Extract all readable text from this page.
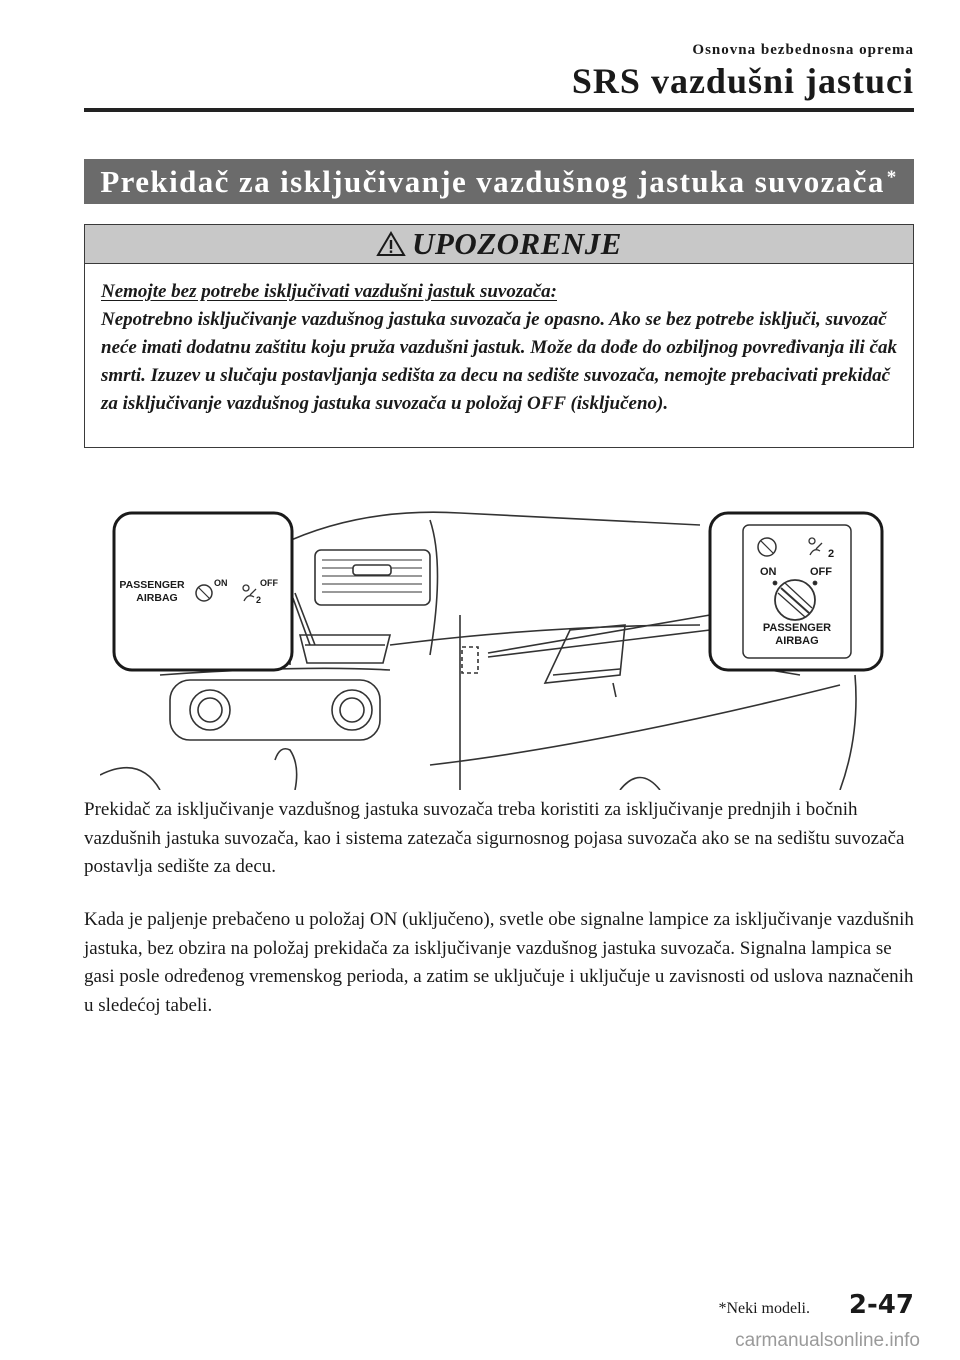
Osnovna bezbednosna oprema
SRS vazdušni jastuci
Prekidač za isključivanje vazdušnog jastuka suvozača*
UPOZORENJE
Nemojte bez potrebe isključivati vazdušni jastuk suvozača:
Nepotrebno isključivanje vazdušnog jastuka suvozača je opasno. Ako se bez potrebe isključi, suvozač neće imati dodatnu zaštitu koju pruža vazdušni jastuk. Može da dođe do ozbiljnog povređivanja ili čak smrti. Izuzev u slučaju postavljanja sedišta za decu na sedište suvozača, nemojte prebacivati prekidač za isključivanje vazdušnog jastuka suvozača u položaj OFF (isključeno).
PASSENGER
AIRBAG
ON	OFF
2
2
ON	OFF
PASSENGER
AIRBAG
Prekidač za isključivanje vazdušnog jastuka suvozača treba koristiti za isključivanje prednjih i bočnih vazdušnih jastuka suvozača, kao i sistema zatezača sigurnosnog pojasa suvozača ako se na sedištu suvozača postavlja sedište za decu.
Kada je paljenje prebačeno u položaj ON (uključeno), svetle obe signalne lampice za isključivanje vazdušnih jastuka, bez obzira na položaj prekidača za isključivanje vazdušnog jastuka suvozača. Signalna lampica se gasi posle određenog vremenskog perioda, a zatim se uključuje i uključuje u zavisnosti od uslova naznačenih u sledećoj tabeli.
*Neki modeli. 2-47
carmanualsonline.info
